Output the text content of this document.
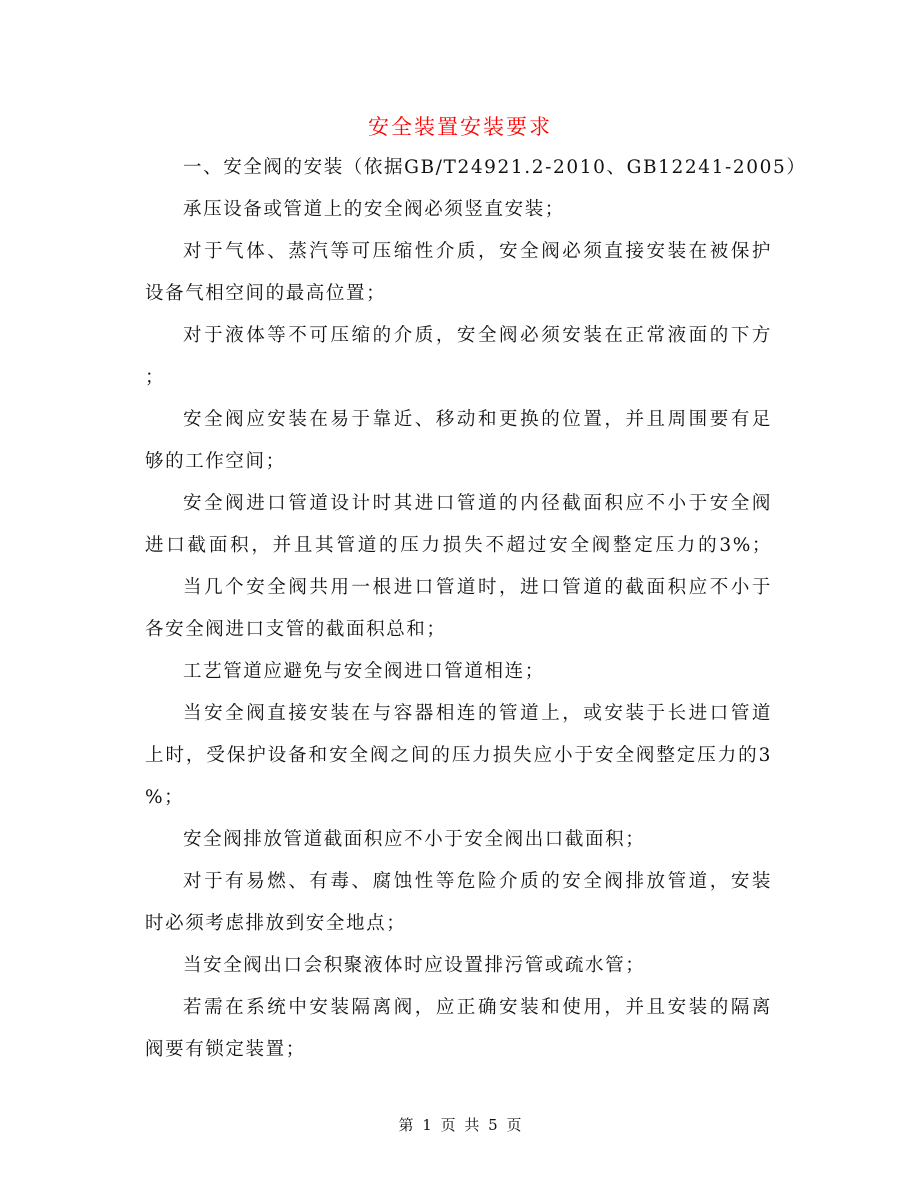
安全装置安装要求
一、安全阀的安装（依据GB/T24921.2-2010、GB12241-2005）
承压设备或管道上的安全阀必须竖直安装；
对于气体、蒸汽等可压缩性介质，安全阀必须直接安装在被保护
设备气相空间的最高位置；
对于液体等不可压缩的介质，安全阀必须安装在正常液面的下方
；
安全阀应安装在易于靠近、移动和更换的位置，并且周围要有足
够的工作空间；
安全阀进口管道设计时其进口管道的内径截面积应不小于安全阀
进口截面积，并且其管道的压力损失不超过安全阀整定压力的3%；
当几个安全阀共用一根进口管道时，进口管道的截面积应不小于
各安全阀进口支管的截面积总和；
工艺管道应避免与安全阀进口管道相连；
当安全阀直接安装在与容器相连的管道上，或安装于长进口管道
上时，受保护设备和安全阀之间的压力损失应小于安全阀整定压力的3
%；
安全阀排放管道截面积应不小于安全阀出口截面积；
对于有易燃、有毒、腐蚀性等危险介质的安全阀排放管道，安装
时必须考虑排放到安全地点；
当安全阀出口会积聚液体时应设置排污管或疏水管；
若需在系统中安装隔离阀，应正确安装和使用，并且安装的隔离
阀要有锁定装置；
第 1 页 共 5 页
